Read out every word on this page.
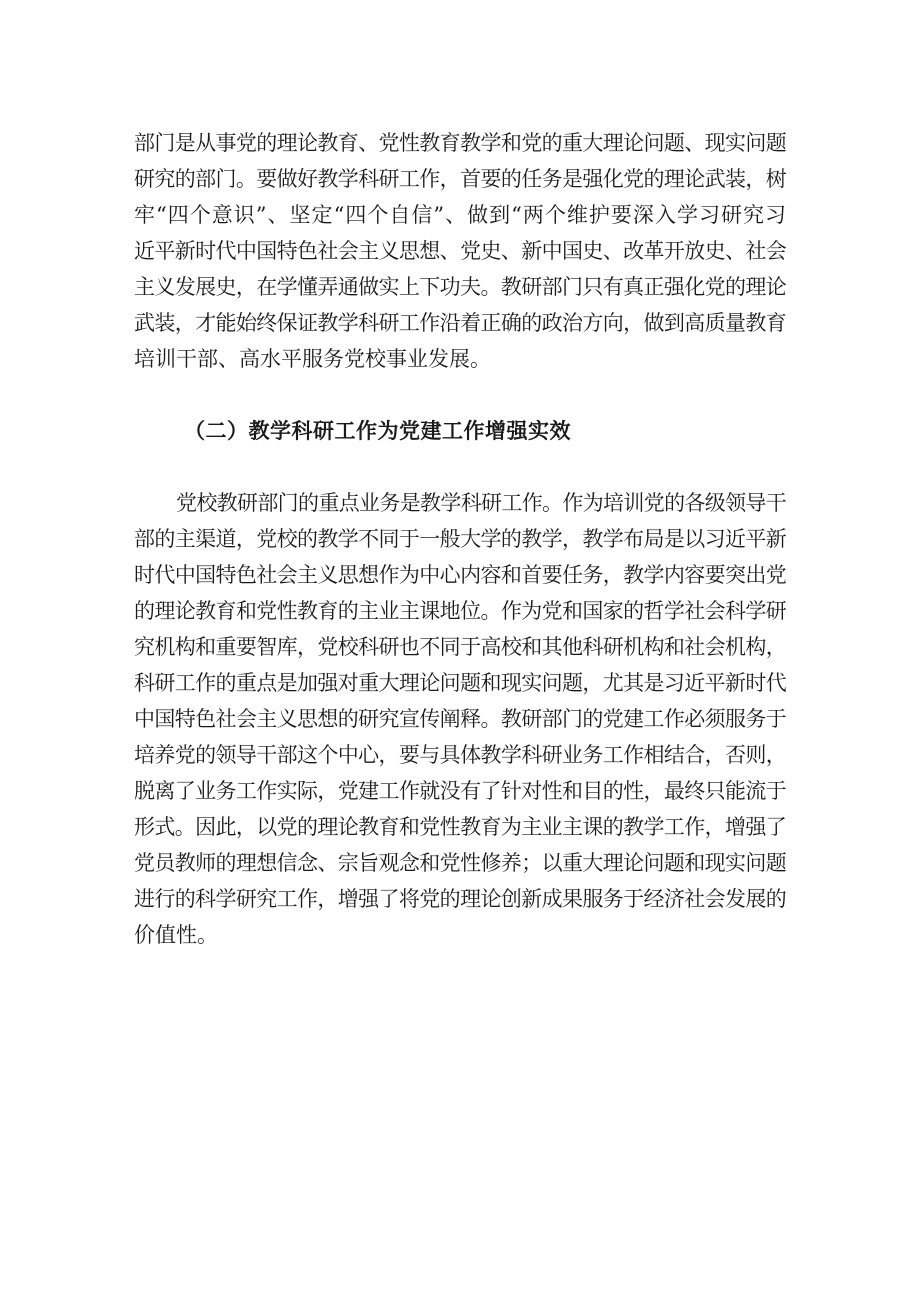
部门是从事党的理论教育、党性教育教学和党的重大理论问题、现实问题

研究的部门。要做好教学科研工作，首要的任务是强化党的理论武装，树

牢“四个意识”、坚定“四个自信”、做到“两个维护要深入学习研究习

近平新时代中国特色社会主义思想、党史、新中国史、改革开放史、社会

主义发展史，在学懂弄通做实上下功夫。教研部门只有真正强化党的理论

武装，才能始终保证教学科研工作沿着正确的政治方向，做到高质量教育

培训干部、高水平服务党校事业发展。

（二）教学科研工作为党建工作增强实效

党校教研部门的重点业务是教学科研工作。作为培训党的各级领导干

部的主渠道，党校的教学不同于一般大学的教学，教学布局是以习近平新

时代中国特色社会主义思想作为中心内容和首要任务，教学内容要突出党

的理论教育和党性教育的主业主课地位。作为党和国家的哲学社会科学研

究机构和重要智库，党校科研也不同于高校和其他科研机构和社会机构，

科研工作的重点是加强对重大理论问题和现实问题，尤其是习近平新时代

中国特色社会主义思想的研究宣传阐释。教研部门的党建工作必须服务于

培养党的领导干部这个中心，要与具体教学科研业务工作相结合，否则，

脱离了业务工作实际，党建工作就没有了针对性和目的性，最终只能流于

形式。因此，以党的理论教育和党性教育为主业主课的教学工作，增强了

党员教师的理想信念、宗旨观念和党性修养；以重大理论问题和现实问题

进行的科学研究工作，增强了将党的理论创新成果服务于经济社会发展的

价值性。
